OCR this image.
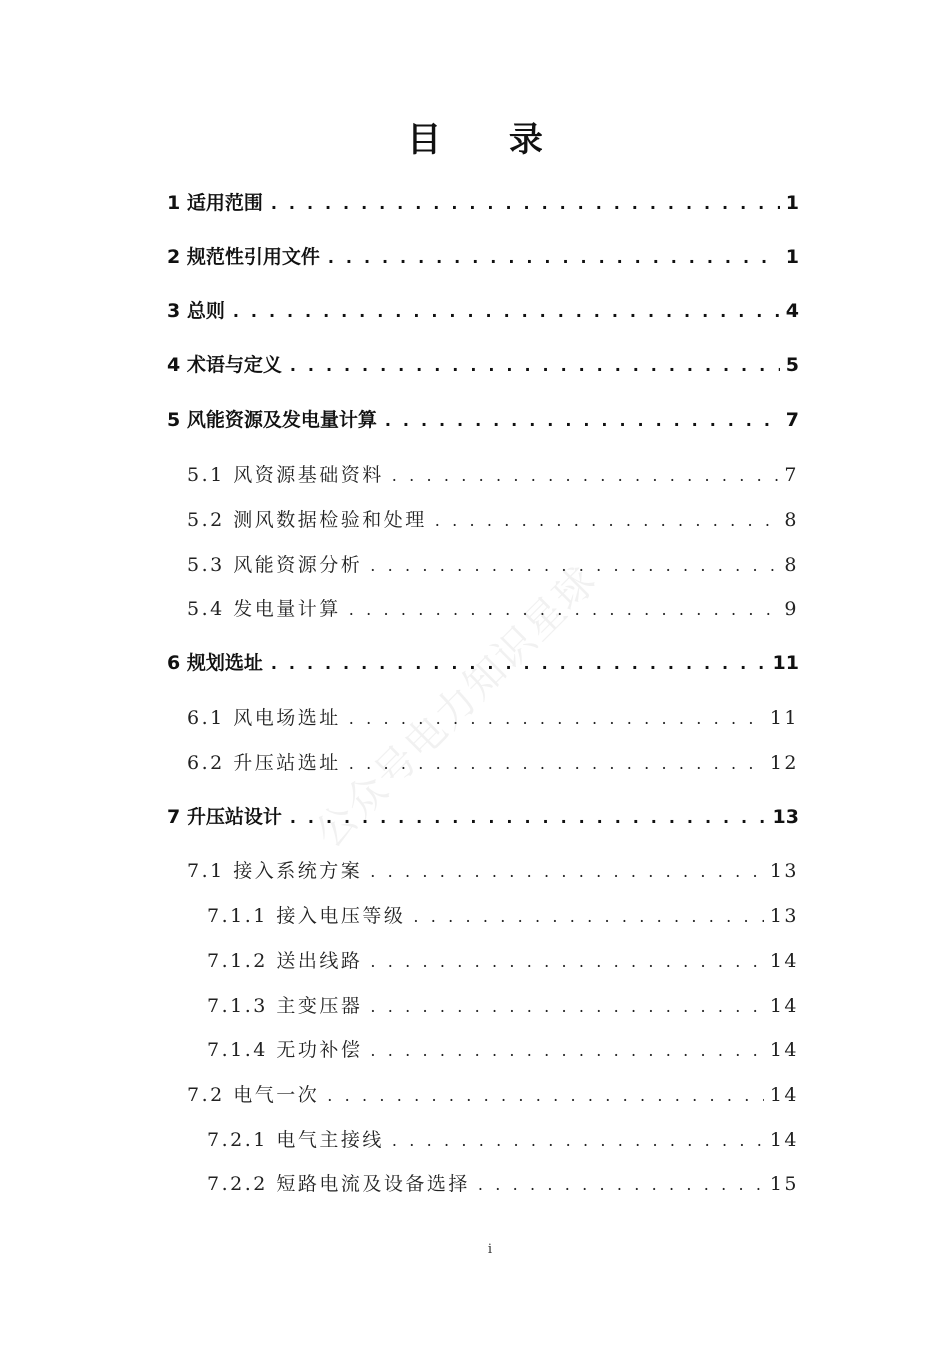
公众号电力知识星球
目 录
1 适用范围 . . .	1
2 规范性引用文件 . . .	1
3 总则 . . .	4
4 术语与定义 . . .	5
5 风能资源及发电量计算 . . .	7
5.1 风资源基础资料 . . .	7
5.2 测风数据检验和处理 . . .	8
5.3 风能资源分析 . . .	8
5.4 发电量计算 . . .	9
6 规划选址 . . .	11
6.1 风电场选址 . . .	11
6.2 升压站选址 . . .	12
7 升压站设计 . . .	13
7.1 接入系统方案 . . .	13
7.1.1 接入电压等级 . . .	13
7.1.2 送出线路 . . .	14
7.1.3 主变压器 . . .	14
7.1.4 无功补偿 . . .	14
7.2 电气一次 . . .	14
7.2.1 电气主接线 . . .	14
7.2.2 短路电流及设备选择 . . .	15
i
